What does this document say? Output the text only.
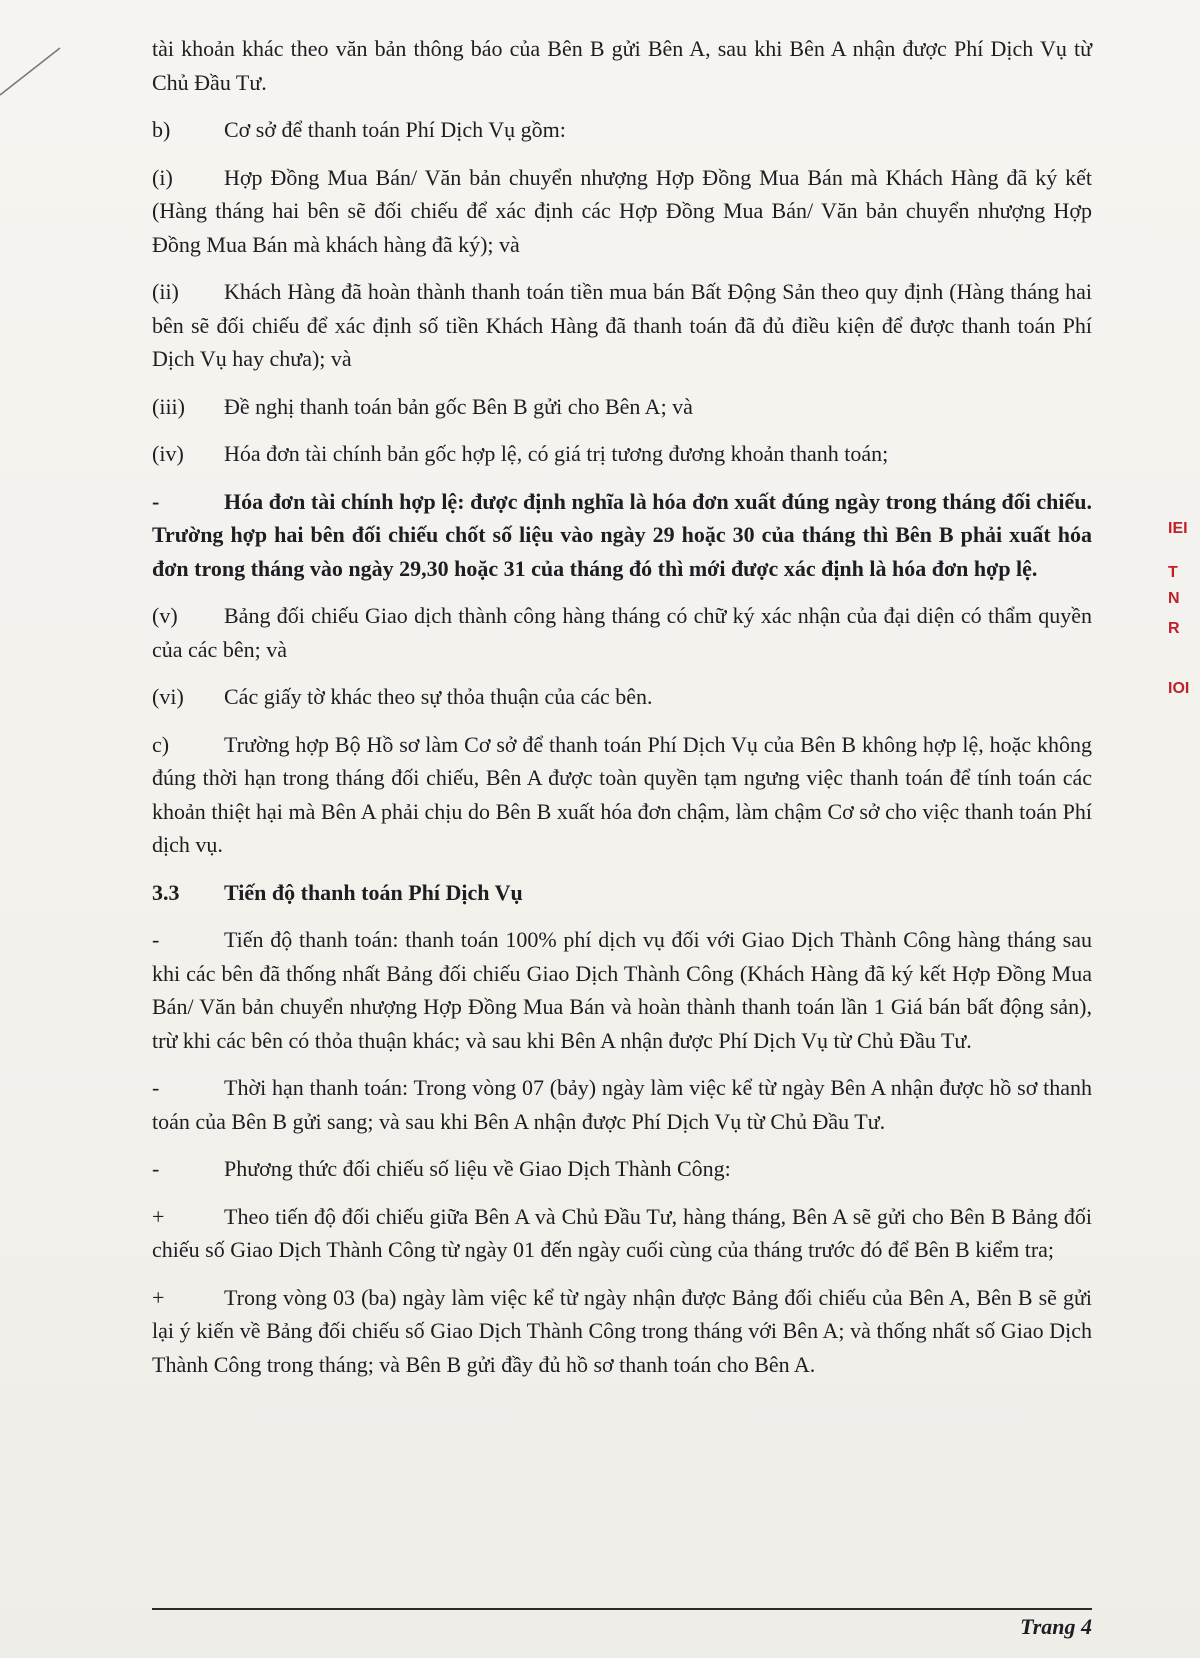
tài khoản khác theo văn bản thông báo của Bên B gửi Bên A, sau khi Bên A nhận được Phí Dịch Vụ từ Chủ Đầu Tư.

b) Cơ sở để thanh toán Phí Dịch Vụ gồm:

(i) Hợp Đồng Mua Bán/ Văn bản chuyển nhượng Hợp Đồng Mua Bán mà Khách Hàng đã ký kết (Hàng tháng hai bên sẽ đối chiếu để xác định các Hợp Đồng Mua Bán/ Văn bản chuyển nhượng Hợp Đồng Mua Bán mà khách hàng đã ký); và

(ii) Khách Hàng đã hoàn thành thanh toán tiền mua bán Bất Động Sản theo quy định (Hàng tháng hai bên sẽ đối chiếu để xác định số tiền Khách Hàng đã thanh toán đã đủ điều kiện để được thanh toán Phí Dịch Vụ hay chưa); và

(iii) Đề nghị thanh toán bản gốc Bên B gửi cho Bên A; và

(iv) Hóa đơn tài chính bản gốc hợp lệ, có giá trị tương đương khoản thanh toán;

-	Hóa đơn tài chính hợp lệ: được định nghĩa là hóa đơn xuất đúng ngày trong tháng đối chiếu. Trường hợp hai bên đối chiếu chốt số liệu vào ngày 29 hoặc 30 của tháng thì Bên B phải xuất hóa đơn trong tháng vào ngày 29,30 hoặc 31 của tháng đó thì mới được xác định là hóa đơn hợp lệ.

(v) Bảng đối chiếu Giao dịch thành công hàng tháng có chữ ký xác nhận của đại diện có thẩm quyền của các bên; và

(vi) Các giấy tờ khác theo sự thỏa thuận của các bên.

c) Trường hợp Bộ Hồ sơ làm Cơ sở để thanh toán Phí Dịch Vụ của Bên B không hợp lệ, hoặc không đúng thời hạn trong tháng đối chiếu, Bên A được toàn quyền tạm ngưng việc thanh toán để tính toán các khoản thiệt hại mà Bên A phải chịu do Bên B xuất hóa đơn chậm, làm chậm Cơ sở cho việc thanh toán Phí dịch vụ.

3.3 Tiến độ thanh toán Phí Dịch Vụ

-	Tiến độ thanh toán: thanh toán 100% phí dịch vụ đối với Giao Dịch Thành Công hàng tháng sau khi các bên đã thống nhất Bảng đối chiếu Giao Dịch Thành Công (Khách Hàng đã ký kết Hợp Đồng Mua Bán/ Văn bản chuyển nhượng Hợp Đồng Mua Bán và hoàn thành thanh toán lần 1 Giá bán bất động sản), trừ khi các bên có thỏa thuận khác; và sau khi Bên A nhận được Phí Dịch Vụ từ Chủ Đầu Tư.

-	Thời hạn thanh toán: Trong vòng 07 (bảy) ngày làm việc kể từ ngày Bên A nhận được hồ sơ thanh toán của Bên B gửi sang; và sau khi Bên A nhận được Phí Dịch Vụ từ Chủ Đầu Tư.

-	Phương thức đối chiếu số liệu về Giao Dịch Thành Công:

+	Theo tiến độ đối chiếu giữa Bên A và Chủ Đầu Tư, hàng tháng, Bên A sẽ gửi cho Bên B Bảng đối chiếu số Giao Dịch Thành Công từ ngày 01 đến ngày cuối cùng của tháng trước đó để Bên B kiểm tra;

+	Trong vòng 03 (ba) ngày làm việc kể từ ngày nhận được Bảng đối chiếu của Bên A, Bên B sẽ gửi lại ý kiến về Bảng đối chiếu số Giao Dịch Thành Công trong tháng với Bên A; và thống nhất số Giao Dịch Thành Công trong tháng; và Bên B gửi đầy đủ hồ sơ thanh toán cho Bên A.

IEI
T
N
R
IOI
Trang 4
